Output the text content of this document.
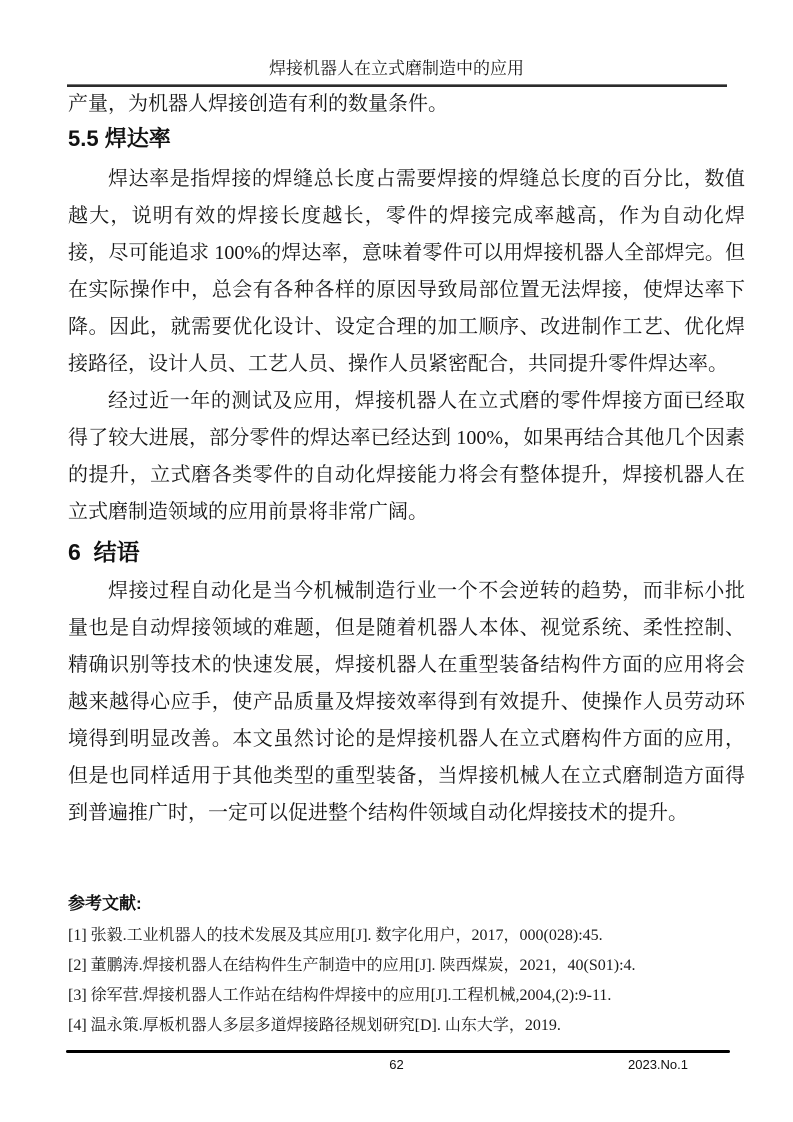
焊接机器人在立式磨制造中的应用

产量，为机器人焊接创造有利的数量条件。

5.5 焊达率

焊达率是指焊接的焊缝总长度占需要焊接的焊缝总长度的百分比，数值越大，说明有效的焊接长度越长，零件的焊接完成率越高，作为自动化焊接，尽可能追求 100%的焊达率，意味着零件可以用焊接机器人全部焊完。但在实际操作中，总会有各种各样的原因导致局部位置无法焊接，使焊达率下降。因此，就需要优化设计、设定合理的加工顺序、改进制作工艺、优化焊接路径，设计人员、工艺人员、操作人员紧密配合，共同提升零件焊达率。

经过近一年的测试及应用，焊接机器人在立式磨的零件焊接方面已经取得了较大进展，部分零件的焊达率已经达到 100%，如果再结合其他几个因素的提升，立式磨各类零件的自动化焊接能力将会有整体提升，焊接机器人在立式磨制造领域的应用前景将非常广阔。

6  结语

焊接过程自动化是当今机械制造行业一个不会逆转的趋势，而非标小批量也是自动焊接领域的难题，但是随着机器人本体、视觉系统、柔性控制、精确识别等技术的快速发展，焊接机器人在重型装备结构件方面的应用将会越来越得心应手，使产品质量及焊接效率得到有效提升、使操作人员劳动环境得到明显改善。本文虽然讨论的是焊接机器人在立式磨构件方面的应用，但是也同样适用于其他类型的重型装备，当焊接机械人在立式磨制造方面得到普遍推广时，一定可以促进整个结构件领域自动化焊接技术的提升。

参考文献:

[1] 张毅.工业机器人的技术发展及其应用[J]. 数字化用户，2017，000(028):45.

[2] 董鹏涛.焊接机器人在结构件生产制造中的应用[J]. 陕西煤炭，2021，40(S01):4.

[3] 徐军营.焊接机器人工作站在结构件焊接中的应用[J].工程机械,2004,(2):9-11.

[4] 温永策.厚板机器人多层多道焊接路径规划研究[D]. 山东大学，2019.

62	2023.No.1
